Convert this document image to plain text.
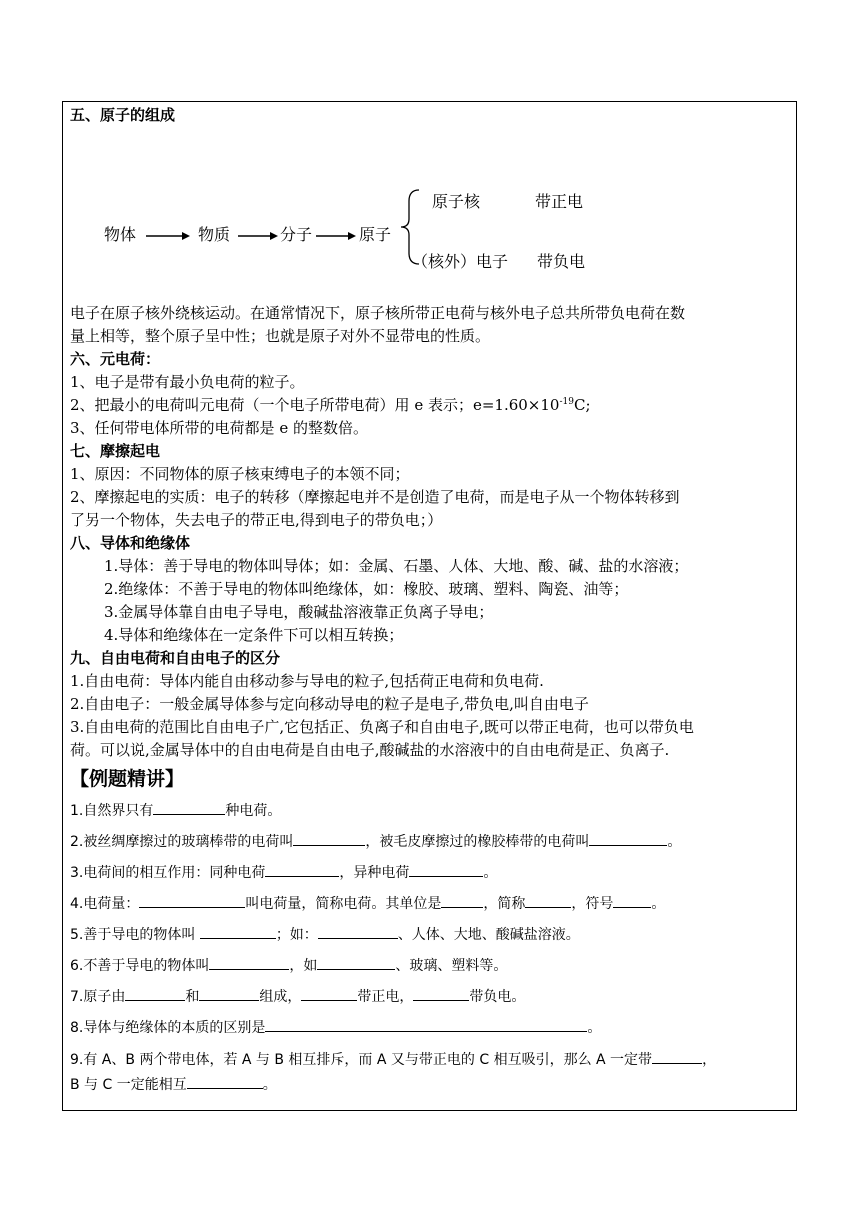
五、原子的组成
物体	物质	分子	原子
原子核	带正电
（核外）电子 带负电
电子在原子核外绕核运动。在通常情况下，原子核所带正电荷与核外电子总共所带负电荷在数
量上相等，整个原子呈中性；也就是原子对外不显带电的性质。
六、元电荷：
1、电子是带有最小负电荷的粒子。
2、把最小的电荷叫元电荷（一个电子所带电荷）用 e 表示；$e=1.60\times 10^{-19}C$;
3、任何带电体所带的电荷都是 e 的整数倍。
七、摩擦起电
1、原因：不同物体的原子核束缚电子的本领不同；
2、摩擦起电的实质：电子的转移（摩擦起电并不是创造了电荷，而是电子从一个物体转移到
了另一个物体，失去电子的带正电,得到电子的带负电；）
八、导体和绝缘体
1.导体：善于导电的物体叫导体；如：金属、石墨、人体、大地、酸、碱、盐的水溶液；
2.绝缘体：不善于导电的物体叫绝缘体，如：橡胶、玻璃、塑料、陶瓷、油等；
3.金属导体靠自由电子导电，酸碱盐溶液靠正负离子导电；
4.导体和绝缘体在一定条件下可以相互转换；
九、自由电荷和自由电子的区分
1.自由电荷：导体内能自由移动参与导电的粒子,包括荷正电荷和负电荷.
2.自由电子：一般金属导体参与定向移动导电的粒子是电子,带负电,叫自由电子
3.自由电荷的范围比自由电子广,它包括正、负离子和自由电子,既可以带正电荷，也可以带负电
荷。可以说,金属导体中的自由电荷是自由电子,酸碱盐的水溶液中的自由电荷是正、负离子.
【例题精讲】
1.自然界只有	种电荷。
2.被丝绸摩擦过的玻璃棒带的电荷叫	，被毛皮摩擦过的橡胶棒带的电荷叫	。
3.电荷间的相互作用：同种电荷	，异种电荷	。
4.电荷量：	叫电荷量，简称电荷。其单位是	，简称	，符号	。
5.善于导电的物体叫	；如：	、人体、大地、酸碱盐溶液。
6.不善于导电的物体叫	，如	、玻璃、塑料等。
7.原子由	和	组成，	带正电，	带负电。
8.导体与绝缘体的本质的区别是	。
9.有 A、B 两个带电体，若 A 与 B 相互排斥，而 A 又与带正电的 C 相互吸引，那么 A 一定带	，
B 与 C 一定能相互	。
